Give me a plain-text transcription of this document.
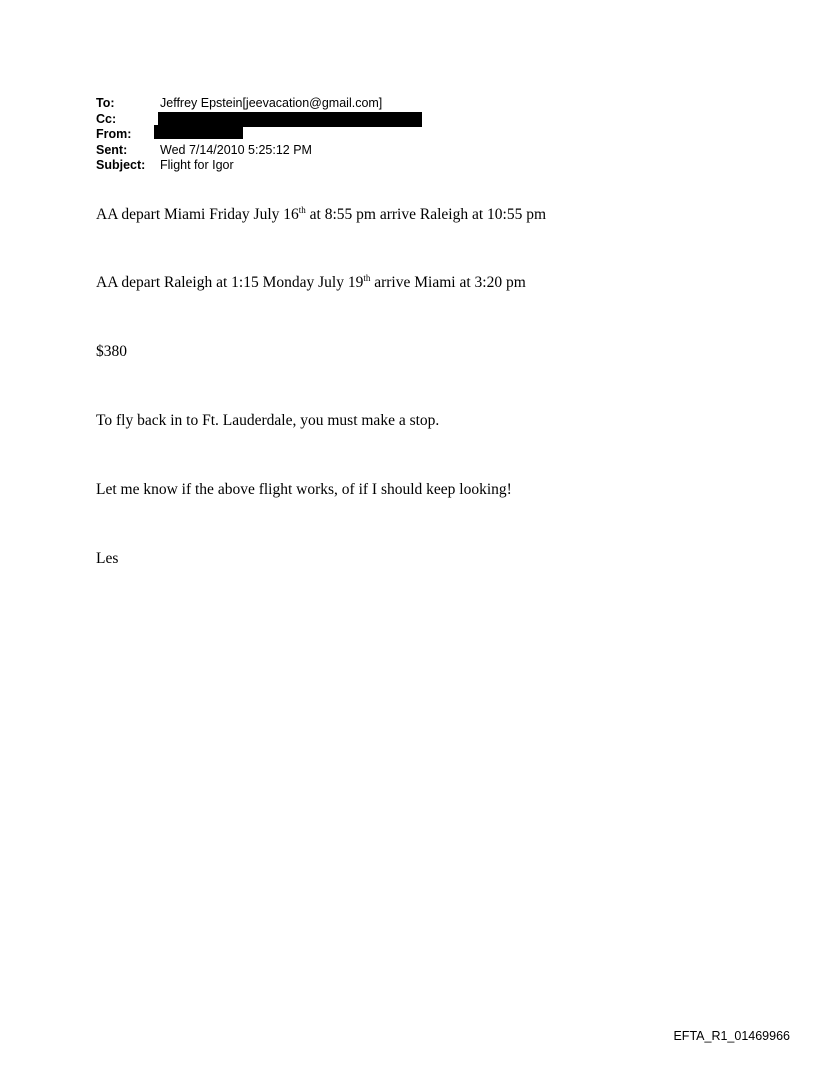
To:	Jeffrey Epstein[jeevacation@gmail.com]
Cc:
From:
Sent:	Wed 7/14/2010 5:25:12 PM
Subject:	Flight for Igor
AA depart Miami Friday July 16th at 8:55 pm arrive Raleigh at 10:55 pm
AA depart Raleigh at 1:15 Monday July 19th arrive Miami at 3:20 pm
$380
To fly back in to Ft. Lauderdale, you must make a stop.
Let me know if the above flight works, of if I should keep looking!
Les
EFTA_R1_01469966
